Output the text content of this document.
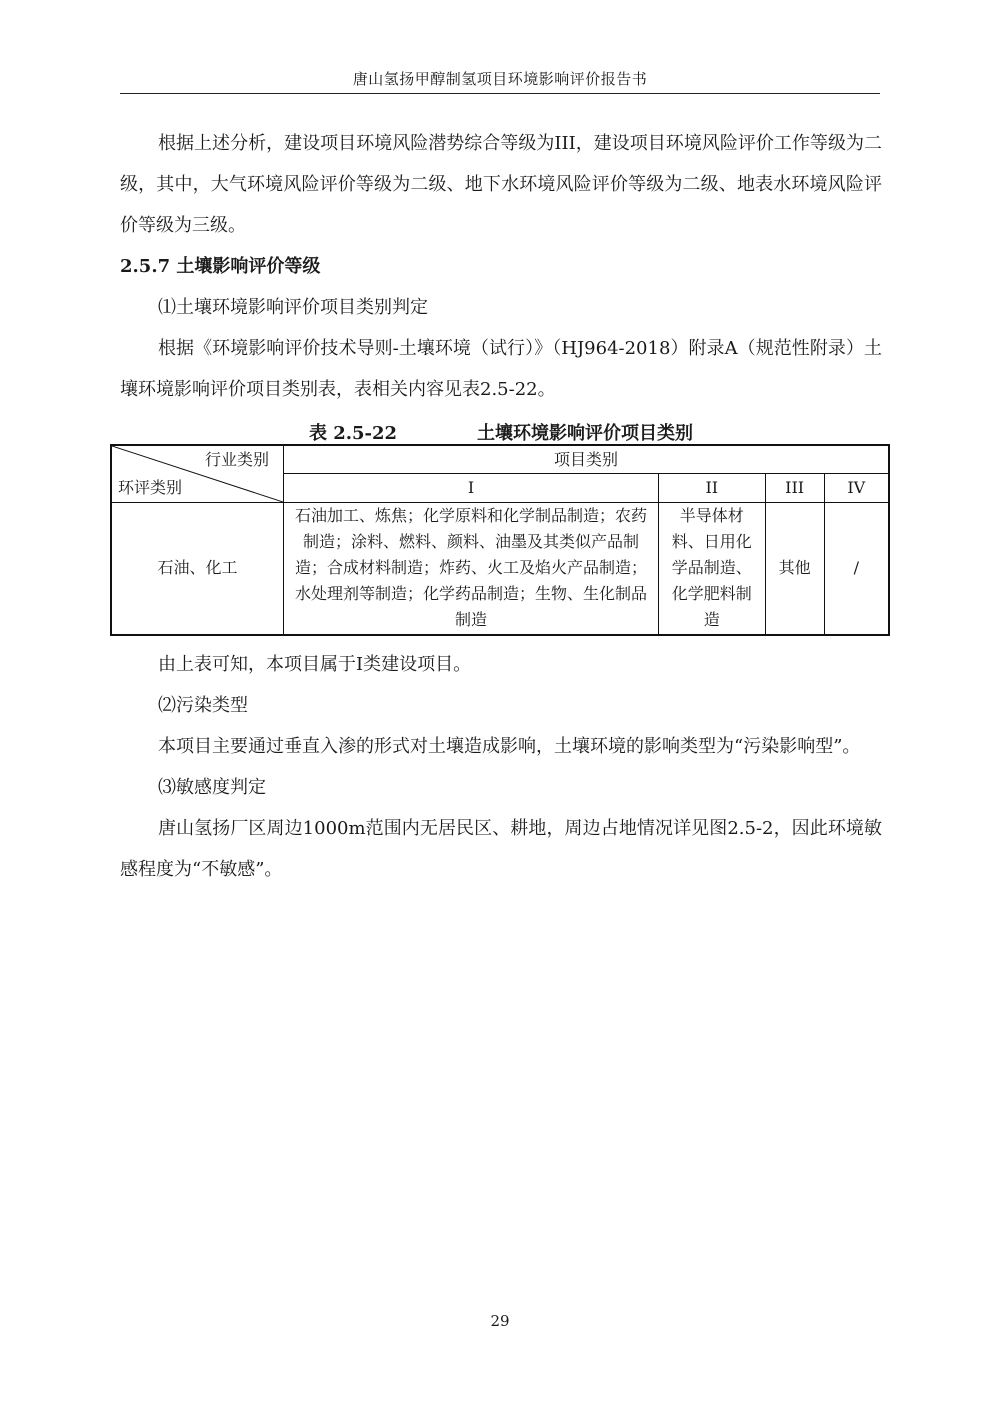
唐山氢扬甲醇制氢项目环境影响评价报告书

根据上述分析，建设项目环境风险潜势综合等级为III，建设项目环境风险评价工作等级为二级，其中，大气环境风险评价等级为二级、地下水环境风险评价等级为二级、地表水环境风险评价等级为三级。

2.5.7 土壤影响评价等级

⑴土壤环境影响评价项目类别判定

根据《环境影响评价技术导则-土壤环境（试行）》（HJ964-2018）附录A（规范性附录）土壤环境影响评价项目类别表，表相关内容见表2.5-22。

表 2.5-22	土壤环境影响评价项目类别
行业类别
环评类别	项目类别			
	I	II	III	IV
石油、化工	石油加工、炼焦；化学原料和化学制品制造；农药制造；涂料、燃料、颜料、油墨及其类似产品制造；合成材料制造；炸药、火工及焰火产品制造；水处理剂等制造；化学药品制造；生物、生化制品制造	半导体材料、日用化学品制造、化学肥料制造	其他	/

由上表可知，本项目属于I类建设项目。

⑵污染类型

本项目主要通过垂直入渗的形式对土壤造成影响，土壤环境的影响类型为“污染影响型”。

⑶敏感度判定

唐山氢扬厂区周边1000m范围内无居民区、耕地，周边占地情况详见图2.5-2，因此环境敏感程度为“不敏感”。

29
